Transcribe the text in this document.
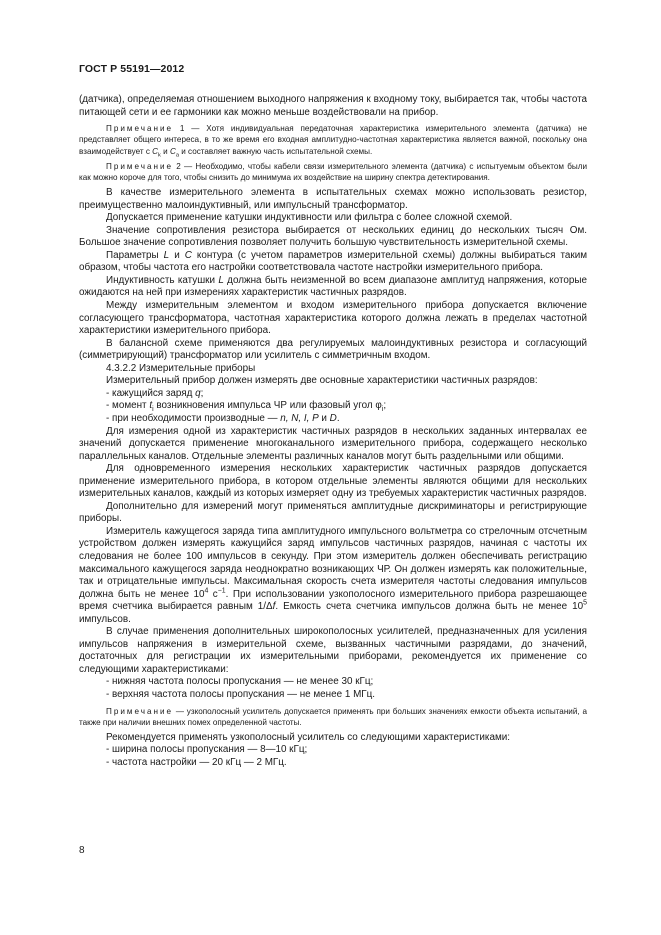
ГОСТ Р 55191—2012

(датчика), определяемая отношением выходного напряжения к входному току, выбирается так, чтобы частота питающей сети и ее гармоники как можно меньше воздействовали на прибор.

Примечание 1 — Хотя индивидуальная передаточная характеристика измерительного элемента (датчика) не представляет общего интереса, в то же время его входная амплитудно-частотная характеристика является важной, поскольку она взаимодействует с $C_k$ и $C_a$ и составляет важную часть испытательной схемы.

Примечание 2 — Необходимо, чтобы кабели связи измерительного элемента (датчика) с испытуемым объектом были как можно короче для того, чтобы снизить до минимума их воздействие на ширину спектра детектирования.

В качестве измерительного элемента в испытательных схемах можно использовать резистор, преимущественно малоиндуктивный, или импульсный трансформатор.

Допускается применение катушки индуктивности или фильтра с более сложной схемой.

Значение сопротивления резистора выбирается от нескольких единиц до нескольких тысяч Ом. Большое значение сопротивления позволяет получить большую чувствительность измерительной схемы.

Параметры L и C контура (с учетом параметров измерительной схемы) должны выбираться таким образом, чтобы частота его настройки соответствовала частоте настройки измерительного прибора.

Индуктивность катушки L должна быть неизменной во всем диапазоне амплитуд напряжения, которые ожидаются на ней при измерениях характеристик частичных разрядов.

Между измерительным элементом и входом измерительного прибора допускается включение согласующего трансформатора, частотная характеристика которого должна лежать в пределах частотной характеристики измерительного прибора.

В балансной схеме применяются два регулируемых малоиндуктивных резистора и согласующий (симметрирующий) трансформатор или усилитель с симметричным входом.

4.3.2.2 Измерительные приборы

Измерительный прибор должен измерять две основные характеристики частичных разрядов:

- кажущийся заряд q;

- момент $t_i$ возникновения импульса ЧР или фазовый угол $\varphi_i$;

- при необходимости производные — n, N, I, P и D.

Для измерения одной из характеристик частичных разрядов в нескольких заданных интервалах ее значений допускается применение многоканального измерительного прибора, содержащего несколько параллельных каналов. Отдельные элементы различных каналов могут быть раздельными или общими.

Для одновременного измерения нескольких характеристик частичных разрядов допускается применение измерительного прибора, в котором отдельные элементы являются общими для нескольких измерительных каналов, каждый из которых измеряет одну из требуемых характеристик частичных разрядов.

Дополнительно для измерений могут применяться амплитудные дискриминаторы и регистрирующие приборы.

Измеритель кажущегося заряда типа амплитудного импульсного вольтметра со стрелочным отсчетным устройством должен измерять кажущийся заряд импульсов частичных разрядов, начиная с частоты их следования не более 100 импульсов в секунду. При этом измеритель должен обеспечивать регистрацию максимального кажущегося заряда неоднократно возникающих ЧР. Он должен измерять как положительные, так и отрицательные импульсы. Максимальная скорость счета измерителя частоты следования импульсов должна быть не менее $10^4$ $с^{-1}$. При использовании узкополосного измерительного прибора разрешающее время счетчика выбирается равным 1/Δf. Емкость счета счетчика импульсов должна быть не менее $10^5$ импульсов.

В случае применения дополнительных широкополосных усилителей, предназначенных для усиления импульсов напряжения в измерительной схеме, вызванных частичными разрядами, до значений, достаточных для регистрации их измерительными приборами, рекомендуется их применение со следующими характеристиками:

- нижняя частота полосы пропускания — не менее 30 кГц;

- верхняя частота полосы пропускания — не менее 1 МГц.

Примечание — узкополосный усилитель допускается применять при больших значениях емкости объекта испытаний, а также при наличии внешних помех определенной частоты.

Рекомендуется применять узкополосный усилитель со следующими характеристиками:

- ширина полосы пропускания — 8—10 кГц;

- частота настройки — 20 кГц — 2 МГц.

8
